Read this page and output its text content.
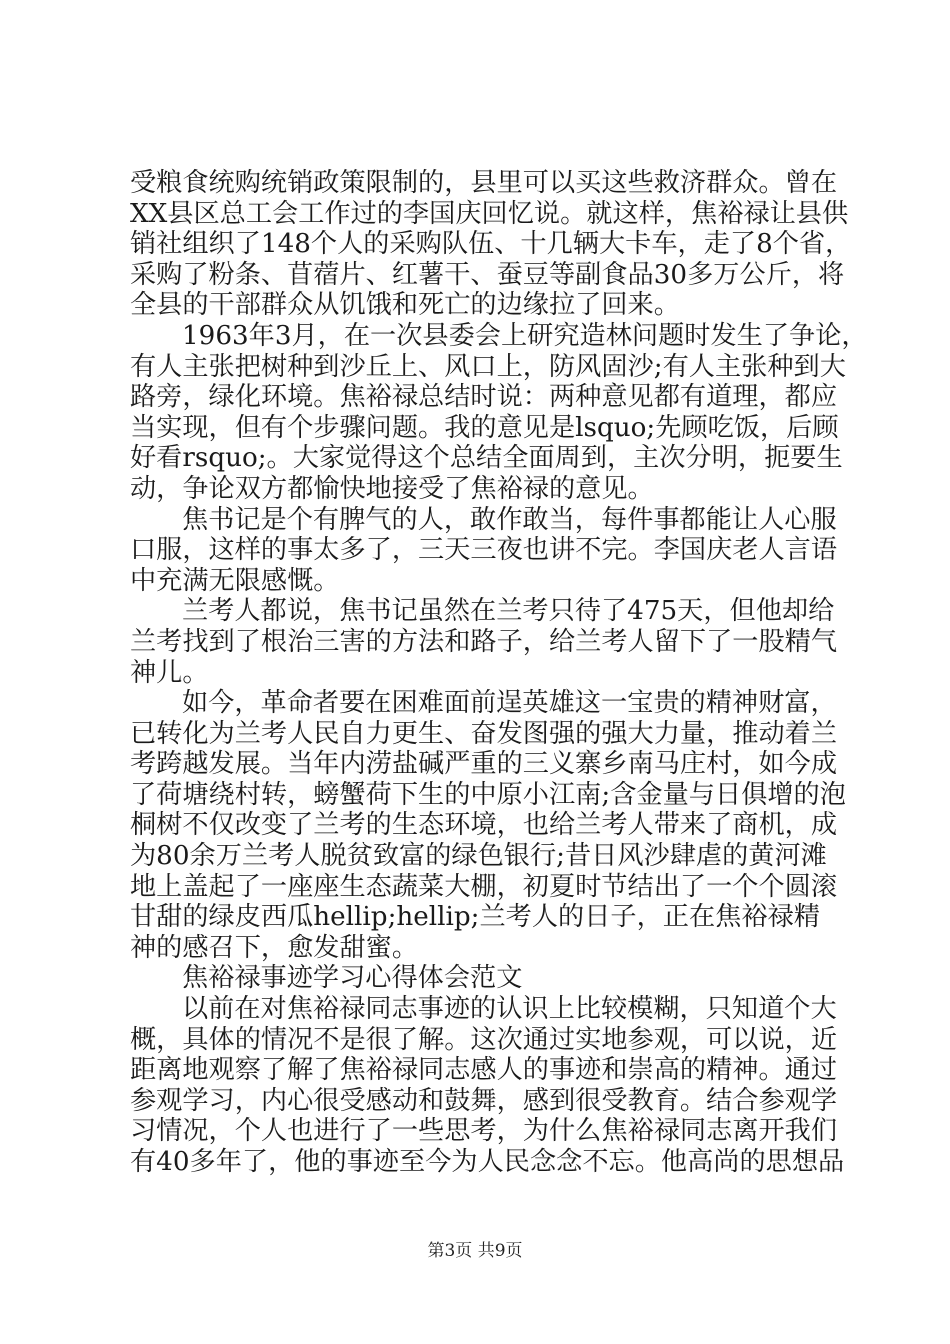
受粮食统购统销政策限制的，县里可以买这些救济群众。曾在
XX县区总工会工作过的李国庆回忆说。就这样，焦裕禄让县供
销社组织了148个人的采购队伍、十几辆大卡车，走了8个省，
采购了粉条、苜蓿片、红薯干、蚕豆等副食品30多万公斤，将
全县的干部群众从饥饿和死亡的边缘拉了回来。
1963年3月，在一次县委会上研究造林问题时发生了争论，
有人主张把树种到沙丘上、风口上，防风固沙;有人主张种到大
路旁，绿化环境。焦裕禄总结时说：两种意见都有道理，都应
当实现，但有个步骤问题。我的意见是lsquo;先顾吃饭，后顾
好看rsquo;。大家觉得这个总结全面周到，主次分明，扼要生
动，争论双方都愉快地接受了焦裕禄的意见。
焦书记是个有脾气的人，敢作敢当，每件事都能让人心服
口服，这样的事太多了，三天三夜也讲不完。李国庆老人言语
中充满无限感慨。
兰考人都说，焦书记虽然在兰考只待了475天，但他却给
兰考找到了根治三害的方法和路子，给兰考人留下了一股精气
神儿。
如今，革命者要在困难面前逞英雄这一宝贵的精神财富，
已转化为兰考人民自力更生、奋发图强的强大力量，推动着兰
考跨越发展。当年内涝盐碱严重的三义寨乡南马庄村，如今成
了荷塘绕村转，螃蟹荷下生的中原小江南;含金量与日俱增的泡
桐树不仅改变了兰考的生态环境，也给兰考人带来了商机，成
为80余万兰考人脱贫致富的绿色银行;昔日风沙肆虐的黄河滩
地上盖起了一座座生态蔬菜大棚，初夏时节结出了一个个圆滚
甘甜的绿皮西瓜hellip;hellip;兰考人的日子，正在焦裕禄精
神的感召下，愈发甜蜜。
焦裕禄事迹学习心得体会范文
以前在对焦裕禄同志事迹的认识上比较模糊，只知道个大
概，具体的情况不是很了解。这次通过实地参观，可以说，近
距离地观察了解了焦裕禄同志感人的事迹和崇高的精神。通过
参观学习，内心很受感动和鼓舞，感到很受教育。结合参观学
习情况，个人也进行了一些思考，为什么焦裕禄同志离开我们
有40多年了，他的事迹至今为人民念念不忘。他高尚的思想品
第3页 共9页
